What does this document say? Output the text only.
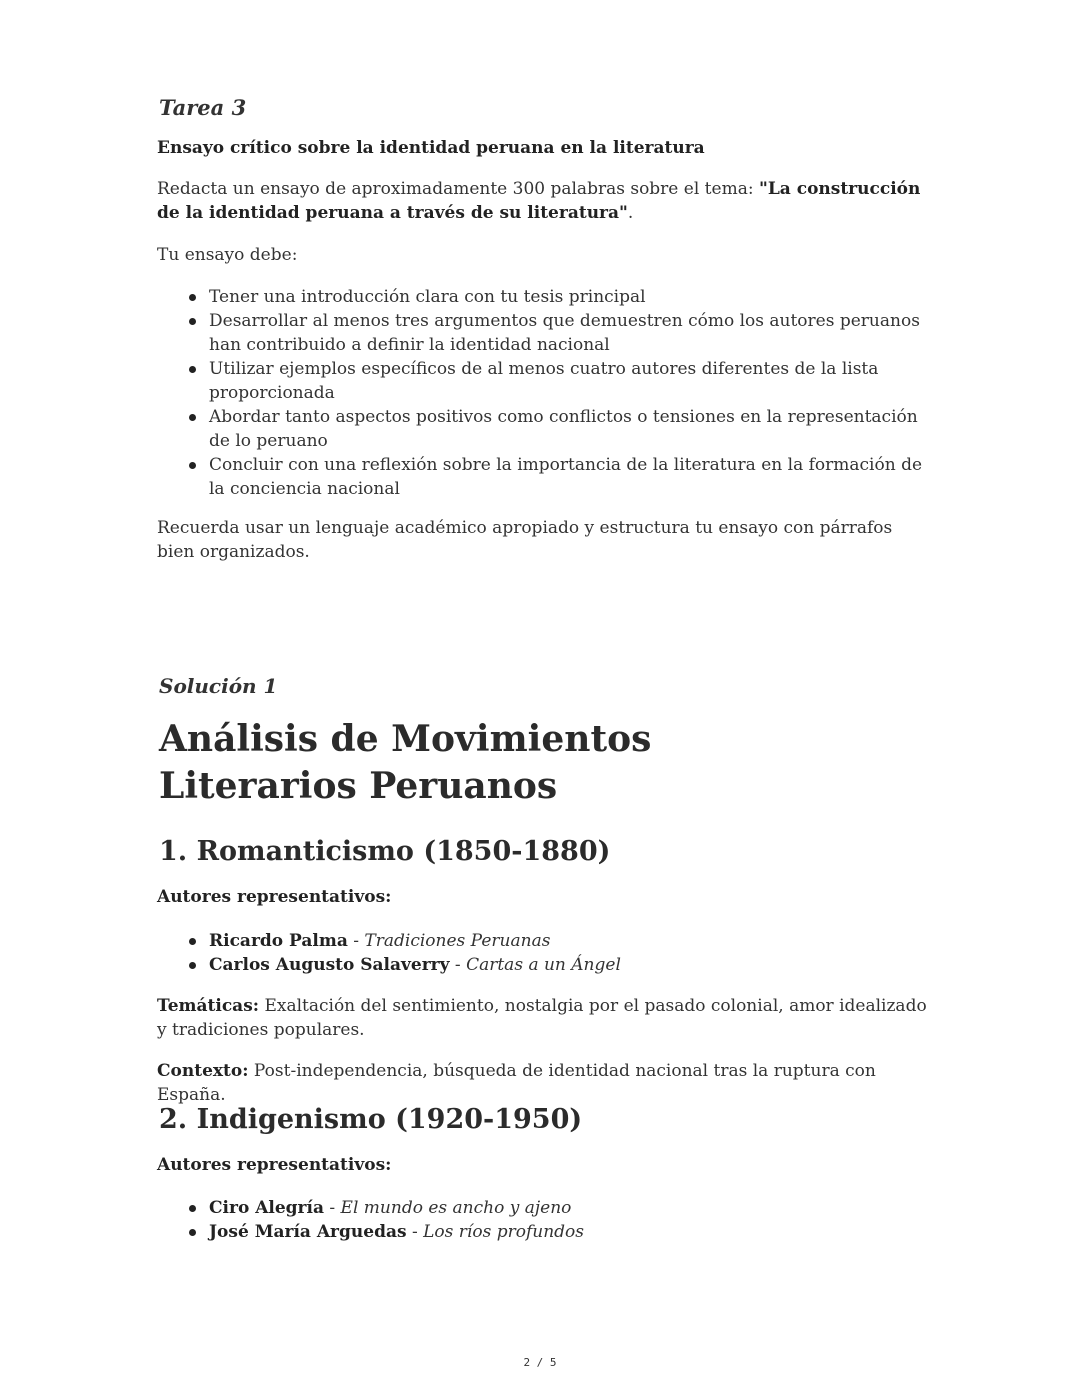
Tarea 3
Ensayo crítico sobre la identidad peruana en la literatura

Redacta un ensayo de aproximadamente 300 palabras sobre el tema: "La construcción de la identidad peruana a través de su literatura".

Tu ensayo debe:

Tener una introducción clara con tu tesis principal
Desarrollar al menos tres argumentos que demuestren cómo los autores peruanos han contribuido a definir la identidad nacional
Utilizar ejemplos específicos de al menos cuatro autores diferentes de la lista proporcionada
Abordar tanto aspectos positivos como conflictos o tensiones en la representación de lo peruano
Concluir con una reflexión sobre la importancia de la literatura en la formación de la conciencia nacional

Recuerda usar un lenguaje académico apropiado y estructura tu ensayo con párrafos bien organizados.

Solución 1
Análisis de Movimientos Literarios Peruanos
1. Romanticismo (1850-1880)
Autores representativos:
Ricardo Palma - Tradiciones Peruanas
Carlos Augusto Salaverry - Cartas a un Ángel

Temáticas: Exaltación del sentimiento, nostalgia por el pasado colonial, amor idealizado y tradiciones populares.

Contexto: Post-independencia, búsqueda de identidad nacional tras la ruptura con España.

2. Indigenismo (1920-1950)
Autores representativos:
Ciro Alegría - El mundo es ancho y ajeno
José María Arguedas - Los ríos profundos
2 / 5
